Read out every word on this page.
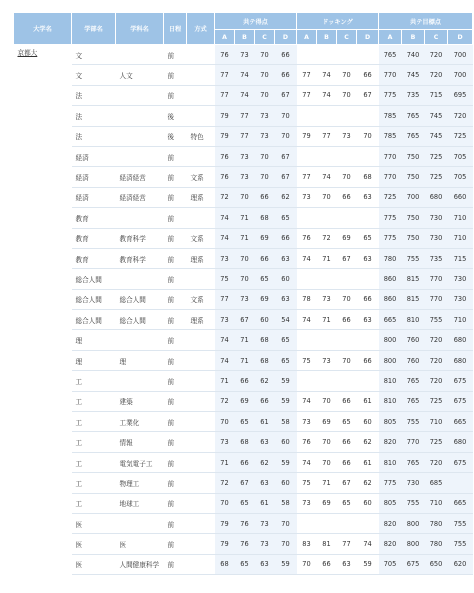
大学名	学部名	学科名	日程	方式	共テ得点				ドッキング				共テ目標点			
					A	B	C	D	A	B	C	D	A	B	C	D
京都大	文		前		76	73	70	66					765	740	720	700
	文	人文	前		77	74	70	66	77	74	70	66	770	745	720	700
	法		前		77	74	70	67	77	74	70	67	775	735	715	695
	法		後		79	77	73	70					785	765	745	720
	法		後	特色	79	77	73	70	79	77	73	70	785	765	745	725
	経済		前		76	73	70	67					770	750	725	705
	経済	経済経営	前	文系	76	73	70	67	77	74	70	68	770	750	725	705
	経済	経済経営	前	理系	72	70	66	62	73	70	66	63	725	700	680	660
	教育		前		74	71	68	65					775	750	730	710
	教育	教育科学	前	文系	74	71	69	66	76	72	69	65	775	750	730	710
	教育	教育科学	前	理系	73	70	66	63	74	71	67	63	780	755	735	715
	総合人間		前		75	70	65	60					860	815	770	730
	総合人間	総合人間	前	文系	77	73	69	63	78	73	70	66	860	815	770	730
	総合人間	総合人間	前	理系	73	67	60	54	74	71	66	63	665	810	755	710
	理		前		74	71	68	65					800	760	720	680
	理	理	前		74	71	68	65	75	73	70	66	800	760	720	680
	工		前		71	66	62	59					810	765	720	675
	工	建築	前		72	69	66	59	74	70	66	61	810	765	725	675
	工	工業化	前		70	65	61	58	73	69	65	60	805	755	710	665
	工	情報	前		73	68	63	60	76	70	66	62	820	770	725	680
	工	電気電子工	前		71	66	62	59	74	70	66	61	810	765	720	675
	工	物理工	前		72	67	63	60	75	71	67	62	775	730	685	
	工	地球工	前		70	65	61	58	73	69	65	60	805	755	710	665
	医		前		79	76	73	70					820	800	780	755
	医	医	前		79	76	73	70	83	81	77	74	820	800	780	755
	医	人間健康科学	前		68	65	63	59	70	66	63	59	705	675	650	620
